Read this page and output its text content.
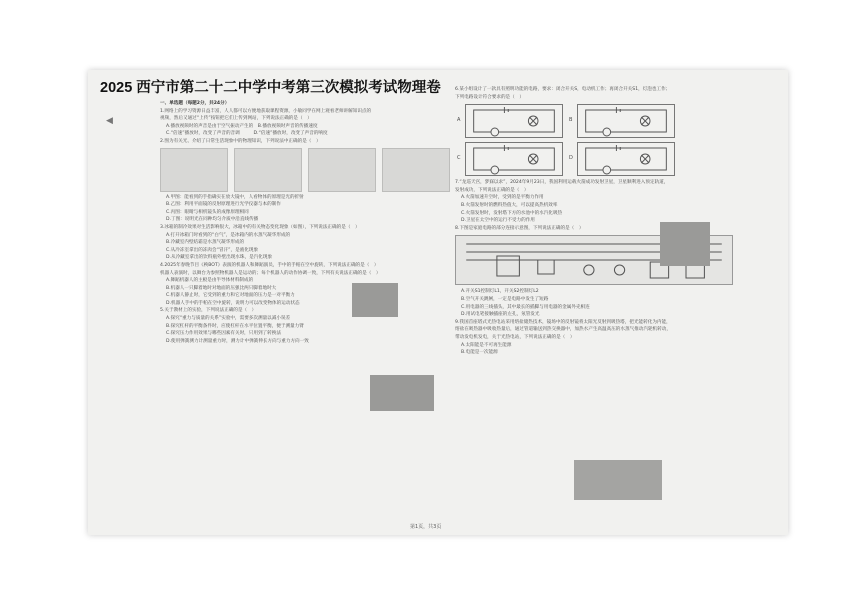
2025 西宁市第二十二中学中考第三次模拟考试物理卷
◀
一、单选题（每题2分，共24分）
1.网络上的学习资源日益丰富，人人都可以方便地获取课程资源，小敏同学在网上观看老师讲解知识点的
视频，然后又通过“上传”按钮把它们上传到网站，下列说法正确的是（　）
A.播放视频时的声音是由于空气振动产生的　B.播放视频时声音的传播速度
C.“倍速”播放时，改变了声音的音调　　　D.“倍速”播放时，改变了声音的响度
2.图为有关光、介绍了日常生活现象中的物理知识，下列说法中正确的是（　）
A.甲图：能看到的手指确实在放大镜中，人看物体的原理是光的折射
B.乙图：利用平面镜的反射原理进行光学仪器与本的制作
C.丙图：眼睛与相机镜头的成像原理相同
D.丁图：说明光在同种均匀介质中沿直线传播
3.冰箱的制冷效果对生活影响很大，冰箱中的有关物态变化现象（如图），下列说法正确的是（　）
A.打开冰箱门时看到的“白气”，是冰箱内的水蒸气凝华形成的
B.冷藏室内壁结霜是水蒸气凝华形成的
C.从冷冻室拿出的冻肉会“冒汗”，是液化现象
D.从冷藏室拿出的饮料瓶外壁出现水珠，是汽化现象
4.2025年春晚节目《秧BOT》表演的机器人和舞蹈演员，手中的手帕在空中旋转，下列说法正确的是（　）
机器人表演时，以舞台为参照物机器人是运动的；每个机器人的动作协调一致，下列有关说法正确的是（　）
A.舞蹈机器人的主板是由半导体材料制成的
B.机器人一只脚着地时对地面的压强比两只脚着地时大
C.机器人静止时，它受到的重力和它对地面的压力是一对平衡力
D.机器人手中的手帕在空中旋转，说明力可以改变物体的运动状态
5.关于教材上的实验，下列说法正确的是（　）
A.探究“重力与质量的关系”实验中，需要多次测量以减小误差
B.探究杠杆的平衡条件时，应使杠杆在水平位置平衡，便于测量力臂
C.探究压力作用效果与哪些因素有关时，只用到了转换法
D.使用弹簧测力计测量重力时，测力计中弹簧伸长方向与重力方向一致
6.某小组设计了一款具有照明功能的电路，要求：闭合开关S，电动机工作；再闭合开关S1，灯泡也工作；
下列电路设计符合要求的是（　）
A	B
C	D
7.“龙巡天宫，梦寐以求”，2024年9月23日，我国利用运载火箭成功发射卫星，卫星顺利进入预定轨道，
发射成功，下列说法正确的是（　）
A.火箭加速升空时，受到的是平衡力作用
B.火箭发射时的燃料热值大，可以提高热机效率
C.火箭发射时，发射塔下方的水池中的水汽化吸热
D.卫星在太空中的运行不受力的作用
8.下图是家庭电路的部分连接示意图，下列说法正确的是（　）
A.开关S1控制灯L1，开关S2控制灯L2
B.空气开关跳闸，一定是电路中发生了短路
C.用电器的三线插头，其中最长的插脚与用电器的金属外壳相连
D.用试电笔接触插座的左孔，氖管发光
9.我国首座塔式光热电站采用熔盐储热技术，镜场中的反射镜将太阳光反射到吸热塔，把光能转化为内能，
熔盐在吸热器中吸收热量后，通过管道输送到热交换器中，加热水产生高温高压的水蒸气推动汽轮机转动，
带动发电机发电，关于光热电站，下列说法正确的是（　）
A.太阳能是不可再生能源
B.电能是一次能源
第1页，共3页
